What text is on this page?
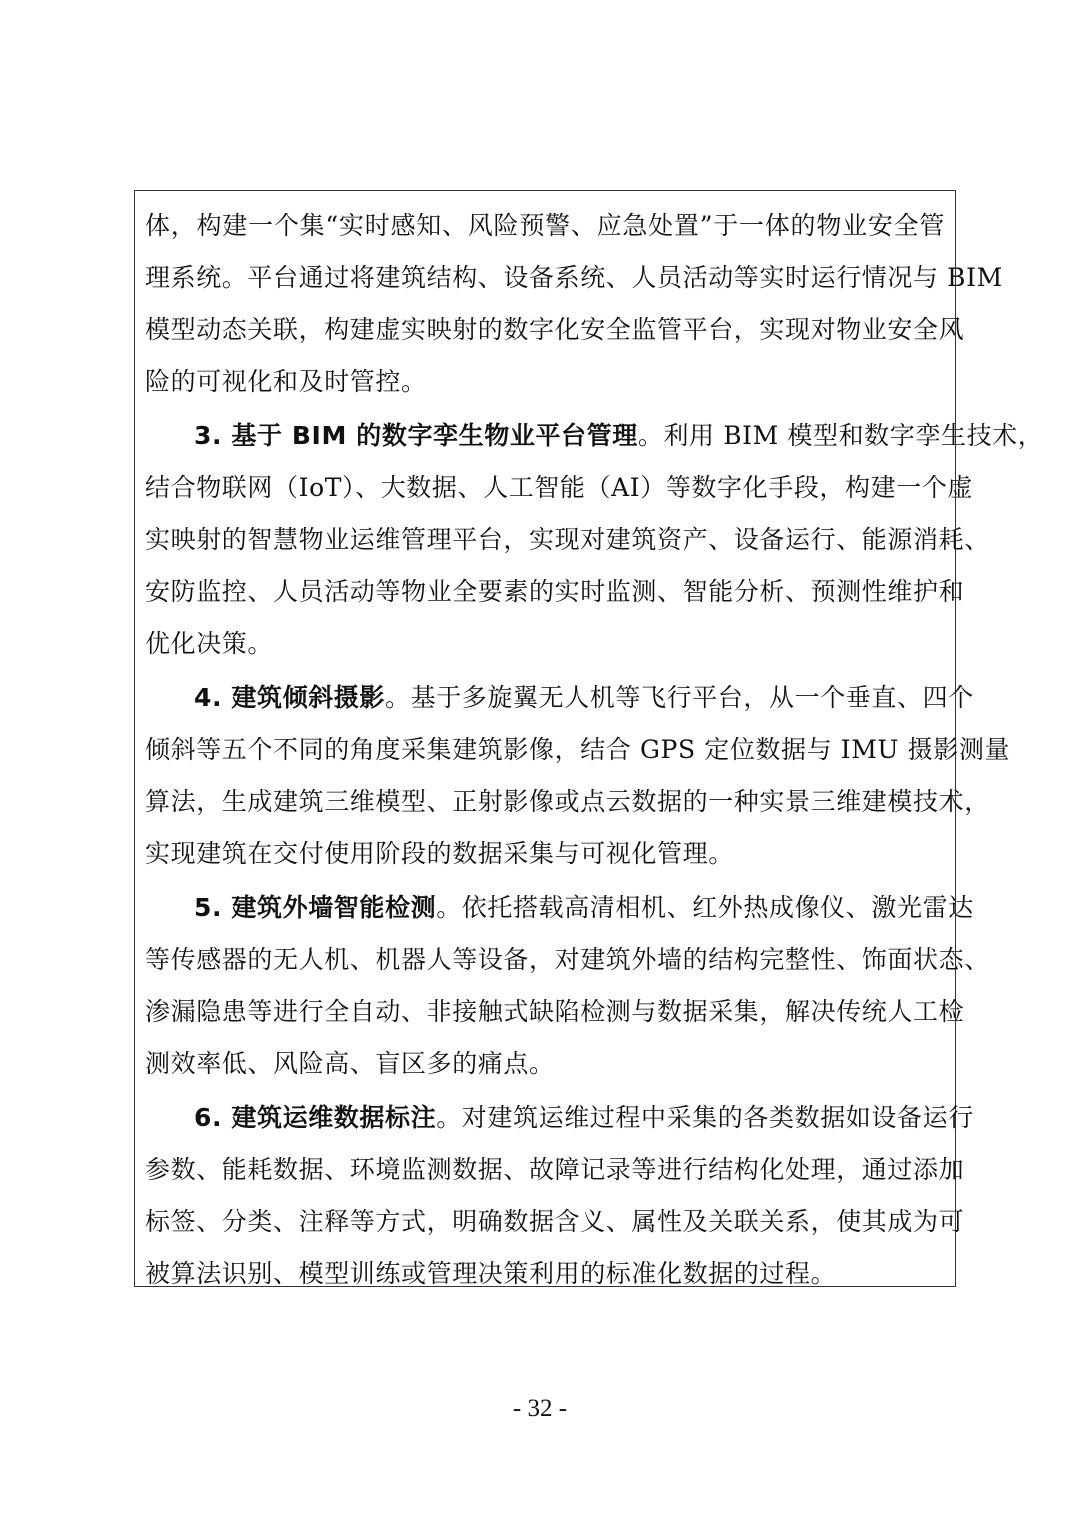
体，构建一个集“实时感知、风险预警、应急处置”于一体的物业安全管
理系统。平台通过将建筑结构、设备系统、人员活动等实时运行情况与 BIM
模型动态关联，构建虚实映射的数字化安全监管平台，实现对物业安全风
险的可视化和及时管控。
3. 基于 BIM 的数字孪生物业平台管理。利用 BIM 模型和数字孪生技术，
结合物联网（IoT）、大数据、人工智能（AI）等数字化手段，构建一个虚
实映射的智慧物业运维管理平台，实现对建筑资产、设备运行、能源消耗、
安防监控、人员活动等物业全要素的实时监测、智能分析、预测性维护和
优化决策。
4. 建筑倾斜摄影。基于多旋翼无人机等飞行平台，从一个垂直、四个
倾斜等五个不同的角度采集建筑影像，结合 GPS 定位数据与 IMU 摄影测量
算法，生成建筑三维模型、正射影像或点云数据的一种实景三维建模技术，
实现建筑在交付使用阶段的数据采集与可视化管理。
5. 建筑外墙智能检测。依托搭载高清相机、红外热成像仪、激光雷达
等传感器的无人机、机器人等设备，对建筑外墙的结构完整性、饰面状态、
渗漏隐患等进行全自动、非接触式缺陷检测与数据采集，解决传统人工检
测效率低、风险高、盲区多的痛点。
6. 建筑运维数据标注。对建筑运维过程中采集的各类数据如设备运行
参数、能耗数据、环境监测数据、故障记录等进行结构化处理，通过添加
标签、分类、注释等方式，明确数据含义、属性及关联关系，使其成为可
被算法识别、模型训练或管理决策利用的标准化数据的过程。
- 32 -
